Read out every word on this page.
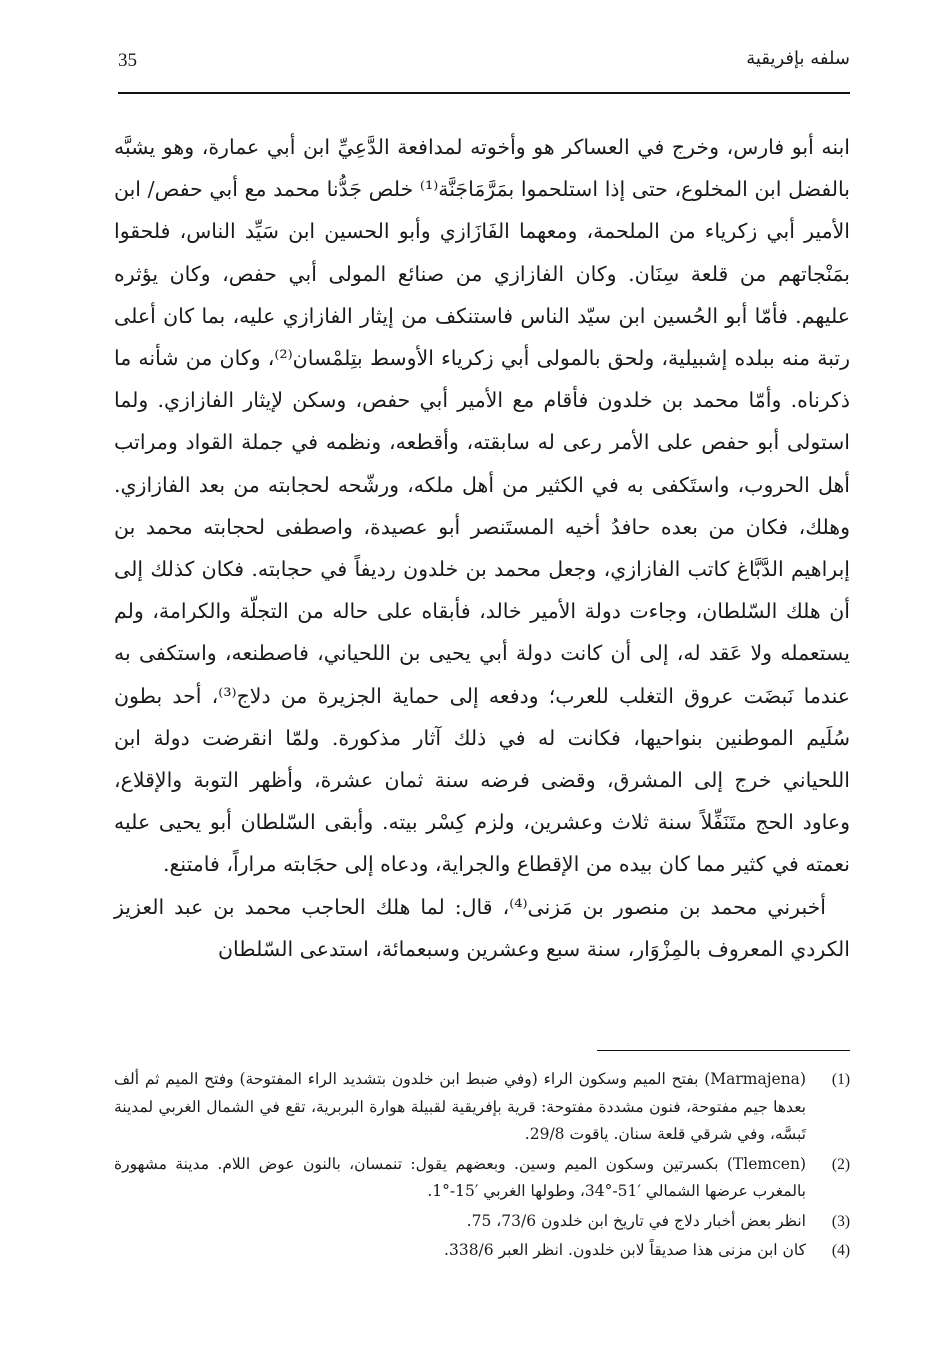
35	سلفه بإفريقية

ابنه أبو فارس، وخرج في العساكر هو وأخوته لمدافعة الدَّعِيِّ ابن أبي عمارة، وهو يشبَّه بالفضل ابن المخلوع، حتى إذا استلحموا بمَرَّمَاجَنَّة⁽¹⁾ خلص جَدُّنا محمد مع أبي حفص/ ابن الأمير أبي زكرياء من الملحمة، ومعهما الفَازَازي وأبو الحسين ابن سَيِّد الناس، فلحقوا بمَنْجاتهم من قلعة سِنَان. وكان الفازازي من صنائع المولى أبي حفص، وكان يؤثره عليهم. فأمّا أبو الحُسين ابن سيّد الناس فاستنكف من إيثار الفازازي عليه، بما كان أعلى رتبة منه ببلده إشبيلية، ولحق بالمولى أبي زكرياء الأوسط بتِلمْسان⁽²⁾، وكان من شأنه ما ذكرناه. وأمّا محمد بن خلدون فأقام مع الأمير أبي حفص، وسكن لإيثار الفازازي. ولما استولى أبو حفص على الأمر رعى له سابقته، وأقطعه، ونظمه في جملة القواد ومراتب أهل الحروب، واستَكفى به في الكثير من أهل ملكه، ورشّحه لحجابته من بعد الفازازي. وهلك، فكان من بعده حافدُ أخيه المستَنصر أبو عصيدة، واصطفى لحجابته محمد بن إبراهيم الدَّبَّاغ كاتب الفازازي، وجعل محمد بن خلدون رديفاً في حجابته. فكان كذلك إلى أن هلك السّلطان، وجاءت دولة الأمير خالد، فأبقاه على حاله من التجلّة والكرامة، ولم يستعمله ولا عَقد له، إلى أن كانت دولة أبي يحيى بن اللحياني، فاصطنعه، واستكفى به عندما نَبضَت عروق التغلب للعرب؛ ودفعه إلى حماية الجزيرة من دلاج⁽³⁾، أحد بطون سُلَيم الموطنين بنواحيها، فكانت له في ذلك آثار مذكورة. ولمّا انقرضت دولة ابن اللحياني خرج إلى المشرق، وقضى فرضه سنة ثمان عشرة، وأظهر التوبة والإقلاع، وعاود الحج متَنَفِّلاً سنة ثلاث وعشرين، ولزم كِسْر بيته. وأبقى السّلطان أبو يحيى عليه نعمته في كثير مما كان بيده من الإقطاع والجراية، ودعاه إلى حجَابته مراراً، فامتنع.

أخبرني محمد بن منصور بن مَزنى⁽⁴⁾، قال: لما هلك الحاجب محمد بن عبد العزيز الكردي المعروف بالمِزْوَار، سنة سبع وعشرين وسبعمائة، استدعى السّلطان

(1)
(Marmajena) بفتح الميم وسكون الراء (وفي ضبط ابن خلدون بتشديد الراء المفتوحة) وفتح الميم ثم ألف بعدها جيم مفتوحة، فنون مشددة مفتوحة: قرية بإفريقية لقبيلة هوارة البربرية، تقع في الشمال الغربي لمدينة تَبسَّه، وفي شرقي قلعة سنان. ياقوت 29/8.
(2)
(Tlemcen) بكسرتين وسكون الميم وسين. وبعضهم يقول: تنمسان، بالنون عوض اللام. مدينة مشهورة بالمغرب عرضها الشمالي ′51-°34، وطولها الغربي ′15-°1.
(3)
انظر بعض أخبار دلاج في تاريخ ابن خلدون 73/6، 75.
(4)
كان ابن مزنى هذا صديقاً لابن خلدون. انظر العبر 338/6.
